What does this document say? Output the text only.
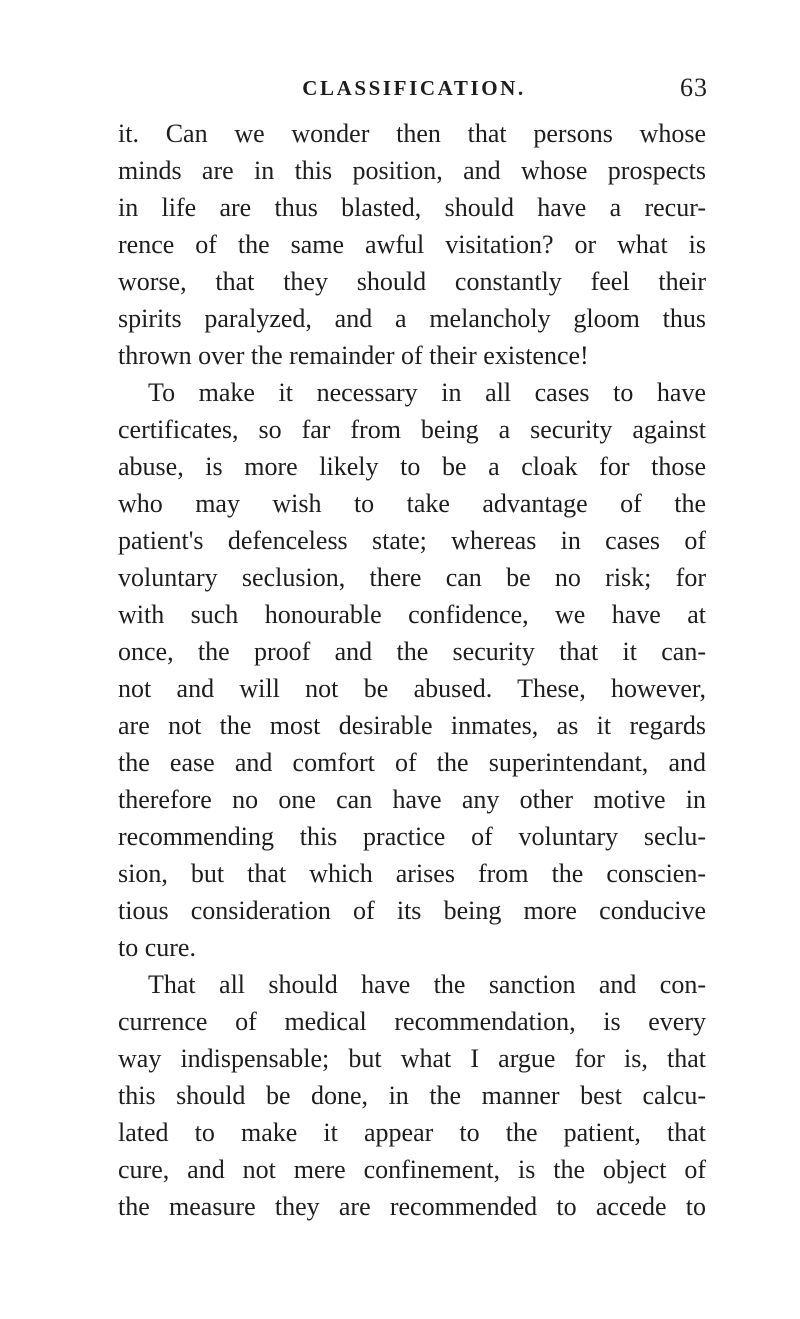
CLASSIFICATION.	63
it. Can we wonder then that persons whose
minds are in this position, and whose prospects
in life are thus blasted, should have a recur-
rence of the same awful visitation? or what is
worse, that they should constantly feel their
spirits paralyzed, and a melancholy gloom thus
thrown over the remainder of their existence!
To make it necessary in all cases to have
certificates, so far from being a security against
abuse, is more likely to be a cloak for those
who may wish to take advantage of the
patient's defenceless state; whereas in cases of
voluntary seclusion, there can be no risk; for
with such honourable confidence, we have at
once, the proof and the security that it can-
not and will not be abused. These, however,
are not the most desirable inmates, as it regards
the ease and comfort of the superintendant, and
therefore no one can have any other motive in
recommending this practice of voluntary seclu-
sion, but that which arises from the conscien-
tious consideration of its being more conducive
to cure.
That all should have the sanction and con-
currence of medical recommendation, is every
way indispensable; but what I argue for is, that
this should be done, in the manner best calcu-
lated to make it appear to the patient, that
cure, and not mere confinement, is the object of
the measure they are recommended to accede to
